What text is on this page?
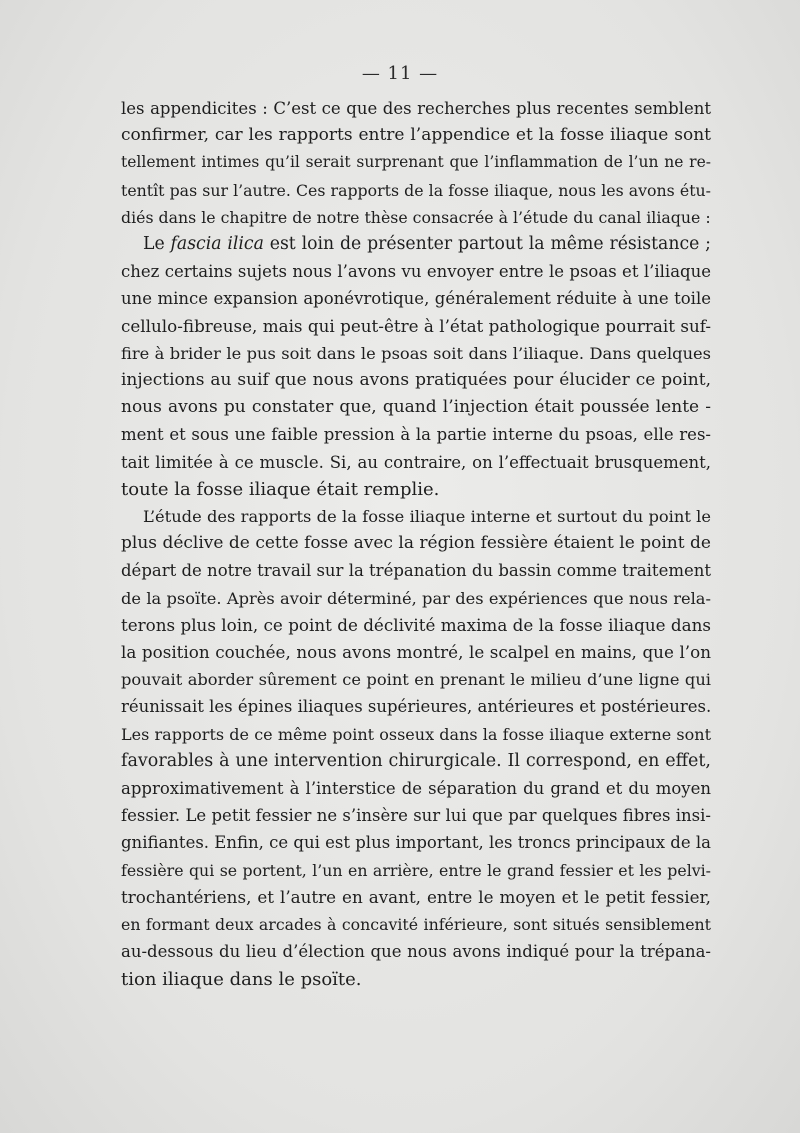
— 11 —
les appendicites : C’est ce que des recherches plus recentes semblent
confirmer, car les rapports entre l’appendice et la fosse iliaque sont
tellement intimes qu’il serait surprenant que l’inflammation de l’un ne re-
tentît pas sur l’autre. Ces rapports de la fosse iliaque, nous les avons étu-
diés dans le chapitre de notre thèse consacrée à l’étude du canal iliaque :
Le fascia ilica est loin de présenter partout la même résistance ;
chez certains sujets nous l’avons vu envoyer entre le psoas et l’iliaque
une mince expansion aponévrotique, généralement réduite à une toile
cellulo-fibreuse, mais qui peut-être à l’état pathologique pourrait suf-
fire à brider le pus soit dans le psoas soit dans l’iliaque. Dans quelques
injections au suif que nous avons pratiquées pour élucider ce point,
nous avons pu constater que, quand l’injection était poussée lente -
ment et sous une faible pression à la partie interne du psoas, elle res-
tait limitée à ce muscle. Si, au contraire, on l’effectuait brusquement,
toute la fosse iliaque était remplie.
L’étude des rapports de la fosse iliaque interne et surtout du point le
plus déclive de cette fosse avec la région fessière étaient le point de
départ de notre travail sur la trépanation du bassin comme traitement
de la psoïte. Après avoir déterminé, par des expériences que nous rela-
terons plus loin, ce point de déclivité maxima de la fosse iliaque dans
la position couchée, nous avons montré, le scalpel en mains, que l’on
pouvait aborder sûrement ce point en prenant le milieu d’une ligne qui
réunissait les épines iliaques supérieures, antérieures et postérieures.
Les rapports de ce même point osseux dans la fosse iliaque externe sont
favorables à une intervention chirurgicale. Il correspond, en effet,
approximativement à l’interstice de séparation du grand et du moyen
fessier. Le petit fessier ne s’insère sur lui que par quelques fibres insi-
gnifiantes. Enfin, ce qui est plus important, les troncs principaux de la
fessière qui se portent, l’un en arrière, entre le grand fessier et les pelvi-
trochantériens, et l’autre en avant, entre le moyen et le petit fessier,
en formant deux arcades à concavité inférieure, sont situés sensiblement
au-dessous du lieu d’élection que nous avons indiqué pour la trépana-
tion iliaque dans le psoïte.
